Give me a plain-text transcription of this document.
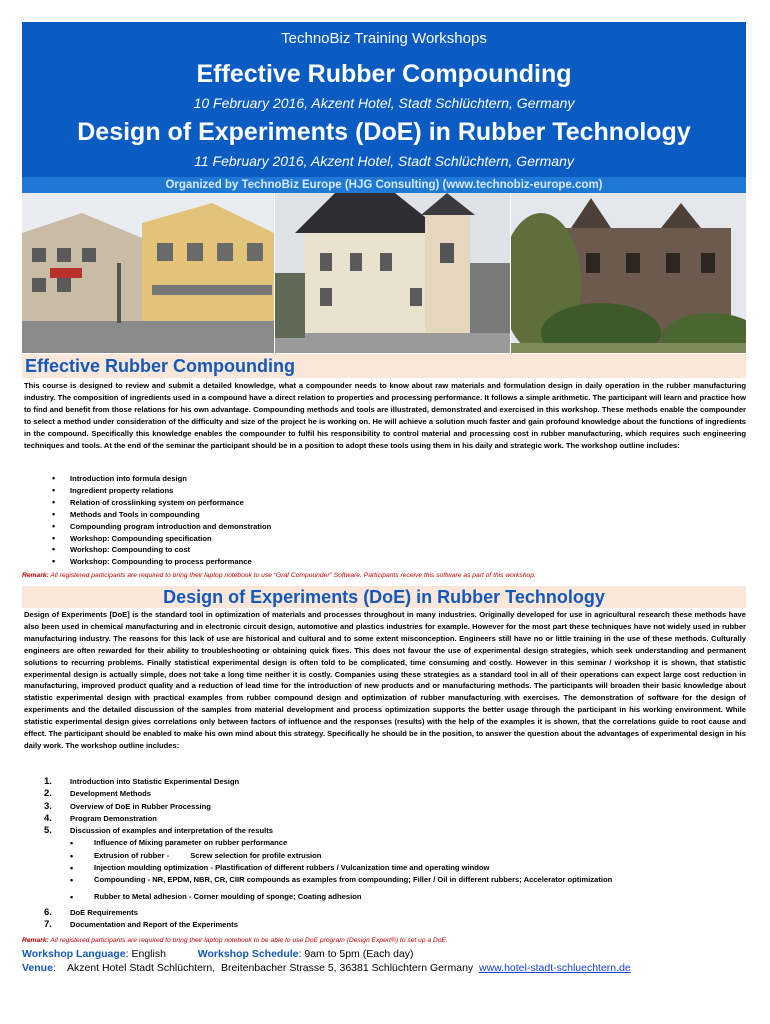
TechnoBiz Training Workshops
Effective Rubber Compounding
10 February 2016, Akzent Hotel, Stadt Schlüchtern, Germany
Design of Experiments (DoE) in Rubber Technology
11 February 2016, Akzent Hotel, Stadt Schlüchtern, Germany
Organized by TechnoBiz Europe (HJG Consulting) (www.technobiz-europe.com)
Effective Rubber Compounding
This course is designed to review and submit a detailed knowledge, what a compounder needs to know about raw materials and formulation design in daily operation in the rubber manufacturing industry. The composition of ingredients used in a compound have a direct relation to properties and processing performance. It follows a simple arithmetic. The participant will learn and practice how to find and benefit from those relations for his own advantage. Compounding methods and tools are illustrated, demonstrated and exercised in this workshop. These methods enable the compounder to select a method under consideration of the difficulty and size of the project he is working on. He will achieve a solution much faster and gain profound knowledge about the functions of ingredients in the compound. Specifically this knowledge enables the compounder to fulfil his responsibility to control material and processing cost in rubber manufacturing, which requires such engineering techniques and tools. At the end of the seminar the participant should be in a position to adopt these tools using them in his daily and strategic work. The workshop outline includes:
• Introduction into formula design
• Ingredient property relations
• Relation of crosslinking system on performance
• Methods and Tools in compounding
• Compounding program introduction and demonstration
• Workshop: Compounding specification
• Workshop: Compounding to cost
• Workshop: Compounding to process performance
Remark: All registered participants are required to bring their laptop notebook to use “Graf Compounder” Software. Participants receive this software as part of this workshop.
Design of Experiments (DoE) in Rubber Technology
Design of Experiments [DoE] is the standard tool in optimization of materials and processes throughout in many industries. Originally developed for use in agricultural research these methods have also been used in chemical manufacturing and in electronic circuit design, automotive and plastics industries for example. However for the most part these techniques have not widely used in rubber manufacturing industry. The reasons for this lack of use are historical and cultural and to some extent misconception. Engineers still have no or little training in the use of these methods. Culturally engineers are often rewarded for their ability to troubleshooting or obtaining quick fixes. This does not favour the use of experimental design strategies, which seek understanding and permanent solutions to recurring problems. Finally statistical experimental design is often told to be complicated, time consuming and costly. However in this seminar / workshop it is shown, that statistic experimental design is actually simple, does not take a long time neither it is costly. Companies using these strategies as a standard tool in all of their operations can expect large cost reduction in manufacturing, improved product quality and a reduction of lead time for the introduction of new products and or manufacturing methods. The participants will broaden their basic knowledge about statistic experimental design with practical examples from rubber compound design and optimization of rubber manufacturing with exercises. The demonstration of software for the design of experiments and the detailed discussion of the samples from material development and process optimization supports the better usage through the participant in his working environment. While statistic experimental design gives correlations only between factors of influence and the responses (results) with the help of the examples it is shown, that the correlations guide to root cause and effect. The participant should be enabled to make his own mind about this strategy. Specifically he should be in the position, to answer the question about the advantages of experimental design in his daily work. The workshop outline includes:
1. Introduction into Statistic Experimental Design
2. Development Methods
3. Overview of DoE in Rubber Processing
4. Program Demonstration
5. Discussion of examples and interpretation of the results
• Influence of Mixing parameter on rubber performance
• Extrusion of rubber -          Screw selection for profile extrusion
• Injection moulding optimization - Plastification of different rubbers / Vulcanization time and operating window
• Compounding - NR, EPDM, NBR, CR, CIIR compounds as examples from compounding; Filler / Oil in different rubbers; Accelerator optimization
• Rubber to Metal adhesion - Corner moulding of sponge; Coating adhesion
6. DoE Requirements
7. Documentation and Report of the Experiments
Remark: All registered participants are required to bring their laptop notebook to be able to use DoE program (Design Expert®) to set up a DoE.
Workshop Language: English	Workshop Schedule: 9am to 5pm (Each day)
Venue:    Akzent Hotel Stadt Schlüchtern,  Breitenbacher Strasse 5, 36381 Schlüchtern Germany  www.hotel-stadt-schluechtern.de
